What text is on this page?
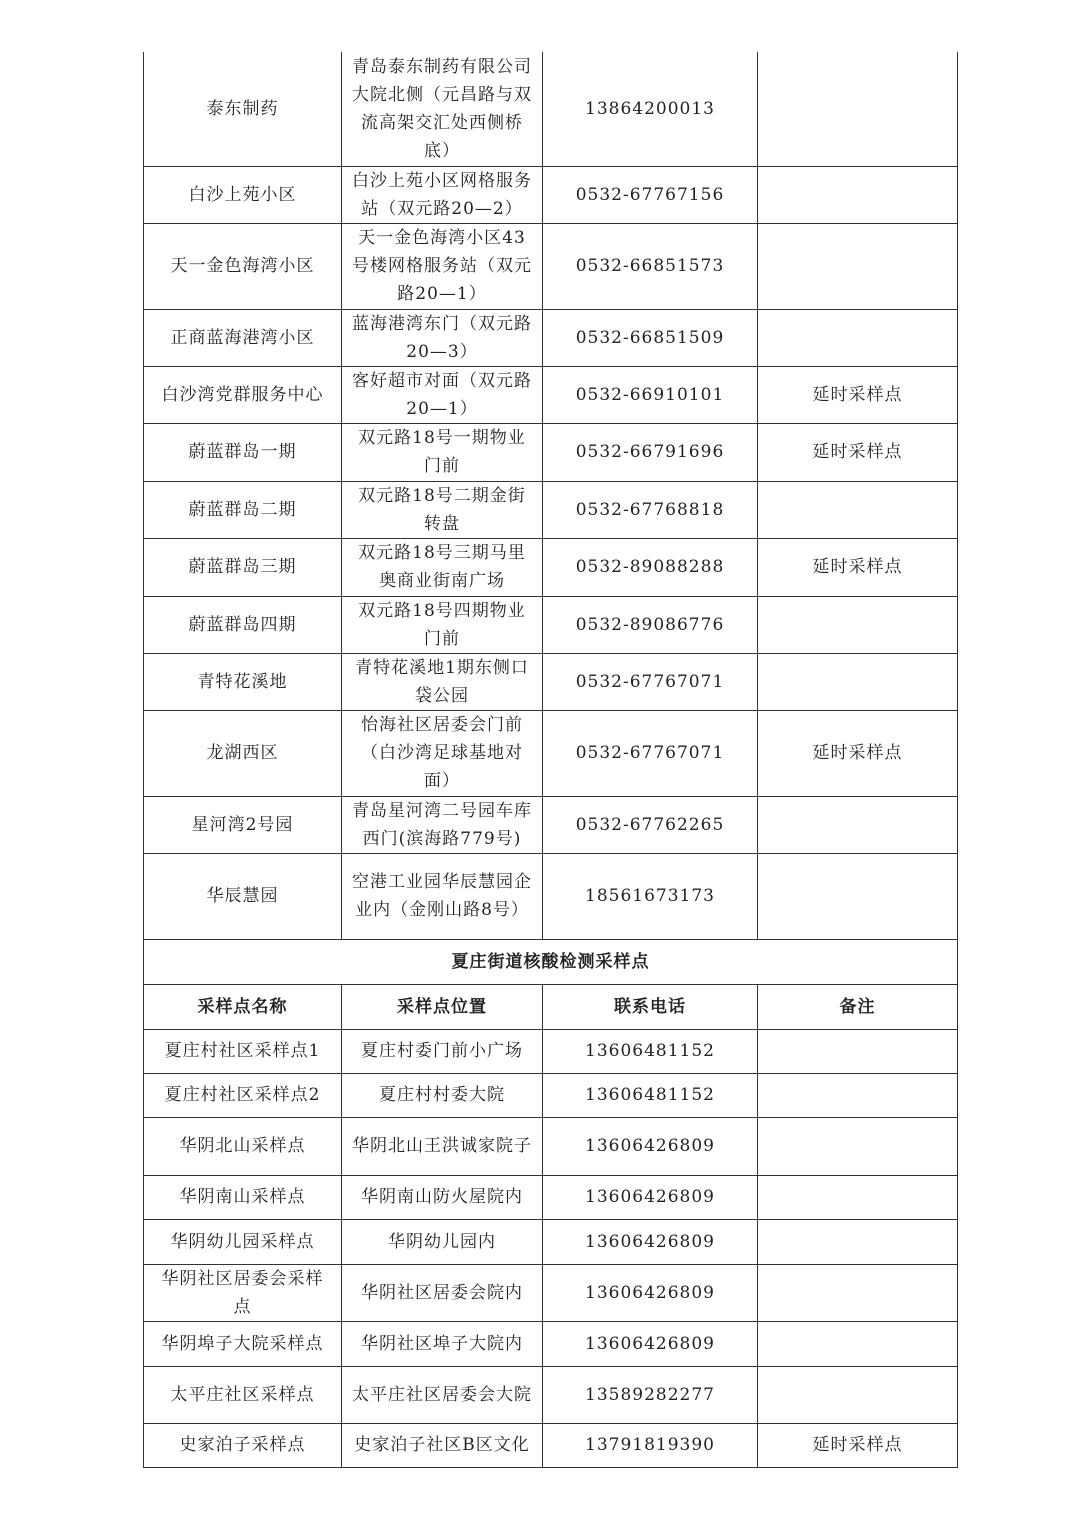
泰东制药	青岛泰东制药有限公司大院北侧（元昌路与双流高架交汇处西侧桥底）	13864200013	
白沙上苑小区	白沙上苑小区网格服务站（双元路20—2）	0532-67767156	
天一金色海湾小区	天一金色海湾小区43号楼网格服务站（双元路20—1）	0532-66851573	
正商蓝海港湾小区	蓝海港湾东门（双元路20—3）	0532-66851509	
白沙湾党群服务中心	客好超市对面（双元路20—1）	0532-66910101	延时采样点
蔚蓝群岛一期	双元路18号一期物业门前	0532-66791696	延时采样点
蔚蓝群岛二期	双元路18号二期金街转盘	0532-67768818	
蔚蓝群岛三期	双元路18号三期马里奥商业街南广场	0532-89088288	延时采样点
蔚蓝群岛四期	双元路18号四期物业门前	0532-89086776	
青特花溪地	青特花溪地1期东侧口袋公园	0532-67767071	
龙湖西区	怡海社区居委会门前（白沙湾足球基地对面）	0532-67767071	延时采样点
星河湾2号园	青岛星河湾二号园车库西门(滨海路779号)	0532-67762265	
华辰慧园	空港工业园华辰慧园企业内（金刚山路8号）	18561673173	
夏庄街道核酸检测采样点			
采样点名称	采样点位置	联系电话	备注
夏庄村社区采样点1	夏庄村委门前小广场	13606481152	
夏庄村社区采样点2	夏庄村村委大院	13606481152	
华阴北山采样点	华阴北山王洪诚家院子	13606426809	
华阴南山采样点	华阴南山防火屋院内	13606426809	
华阴幼儿园采样点	华阴幼儿园内	13606426809	
华阴社区居委会采样点	华阴社区居委会院内	13606426809	
华阴埠子大院采样点	华阴社区埠子大院内	13606426809	
太平庄社区采样点	太平庄社区居委会大院	13589282277	
史家泊子采样点	史家泊子社区B区文化	13791819390	延时采样点
